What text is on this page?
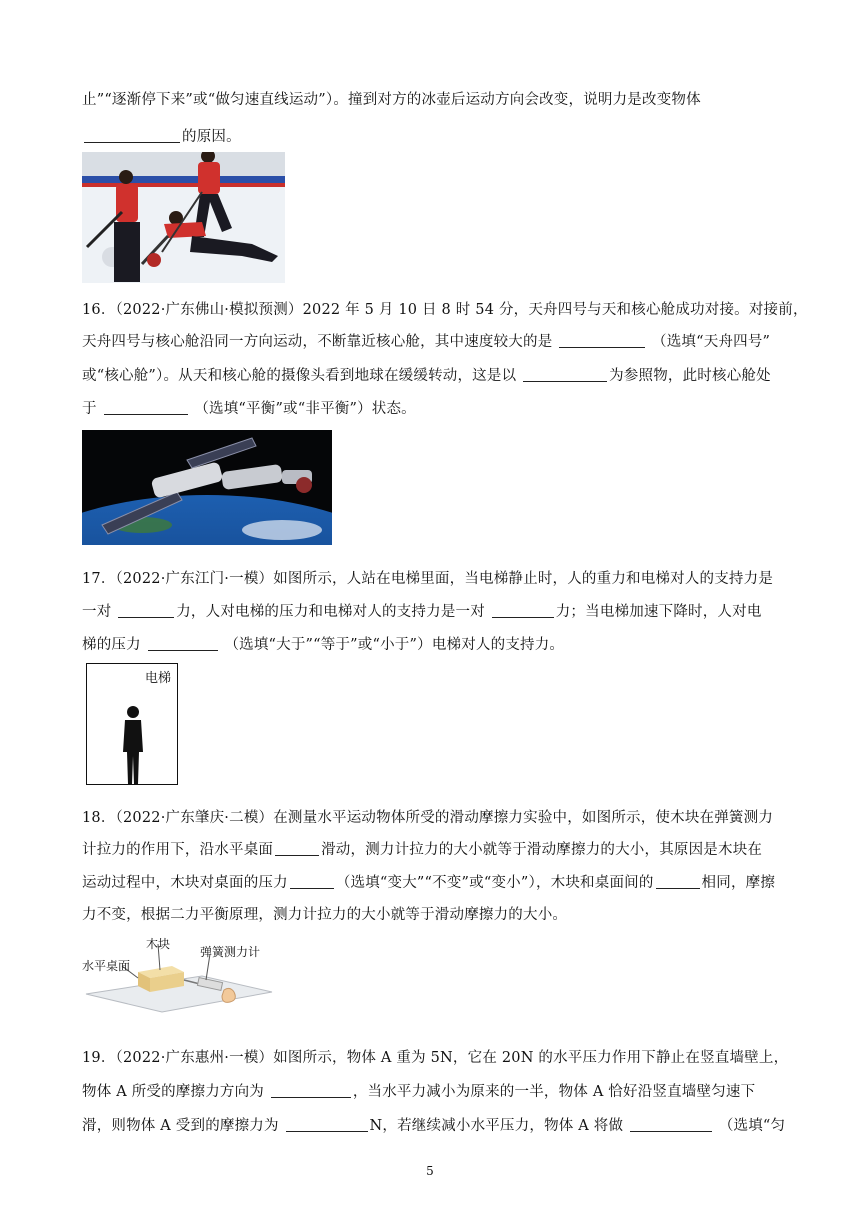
止”“逐渐停下来”或“做匀速直线运动”）。撞到对方的冰壶后运动方向会改变，说明力是改变物体
的原因。
16．（2022·广东佛山·模拟预测）2022 年 5 月 10 日 8 时 54 分，天舟四号与天和核心舱成功对接。对接前，
天舟四号与核心舱沿同一方向运动，不断靠近核心舱，其中速度较大的是	（选填“天舟四号”
或“核心舱”）。从天和核心舱的摄像头看到地球在缓缓转动，这是以	为参照物，此时核心舱处
于	（选填“平衡”或“非平衡”）状态。
17．（2022·广东江门·一模）如图所示，人站在电梯里面，当电梯静止时，人的重力和电梯对人的支持力是
一对	力，人对电梯的压力和电梯对人的支持力是一对	力；当电梯加速下降时，人对电
梯的压力	（选填“大于”“等于”或“小于”）电梯对人的支持力。
电梯
18．（2022·广东肇庆·二模）在测量水平运动物体所受的滑动摩擦力实验中，如图所示，使木块在弹簧测力
计拉力的作用下，沿水平桌面	滑动，测力计拉力的大小就等于滑动摩擦力的大小，其原因是木块在
运动过程中，木块对桌面的压力	（选填“变大”“不变”或“变小”），木块和桌面间的	相同，摩擦
力不变，根据二力平衡原理，测力计拉力的大小就等于滑动摩擦力的大小。
木块
水平桌面
弹簧测力计
19．（2022·广东惠州·一模）如图所示，物体 A 重为 5N，它在 20N 的水平压力作用下静止在竖直墙壁上，
物体 A 所受的摩擦力方向为	，当水平力减小为原来的一半，物体 A 恰好沿竖直墙壁匀速下
滑，则物体 A 受到的摩擦力为	N，若继续减小水平压力，物体 A 将做	（选填“匀
5
